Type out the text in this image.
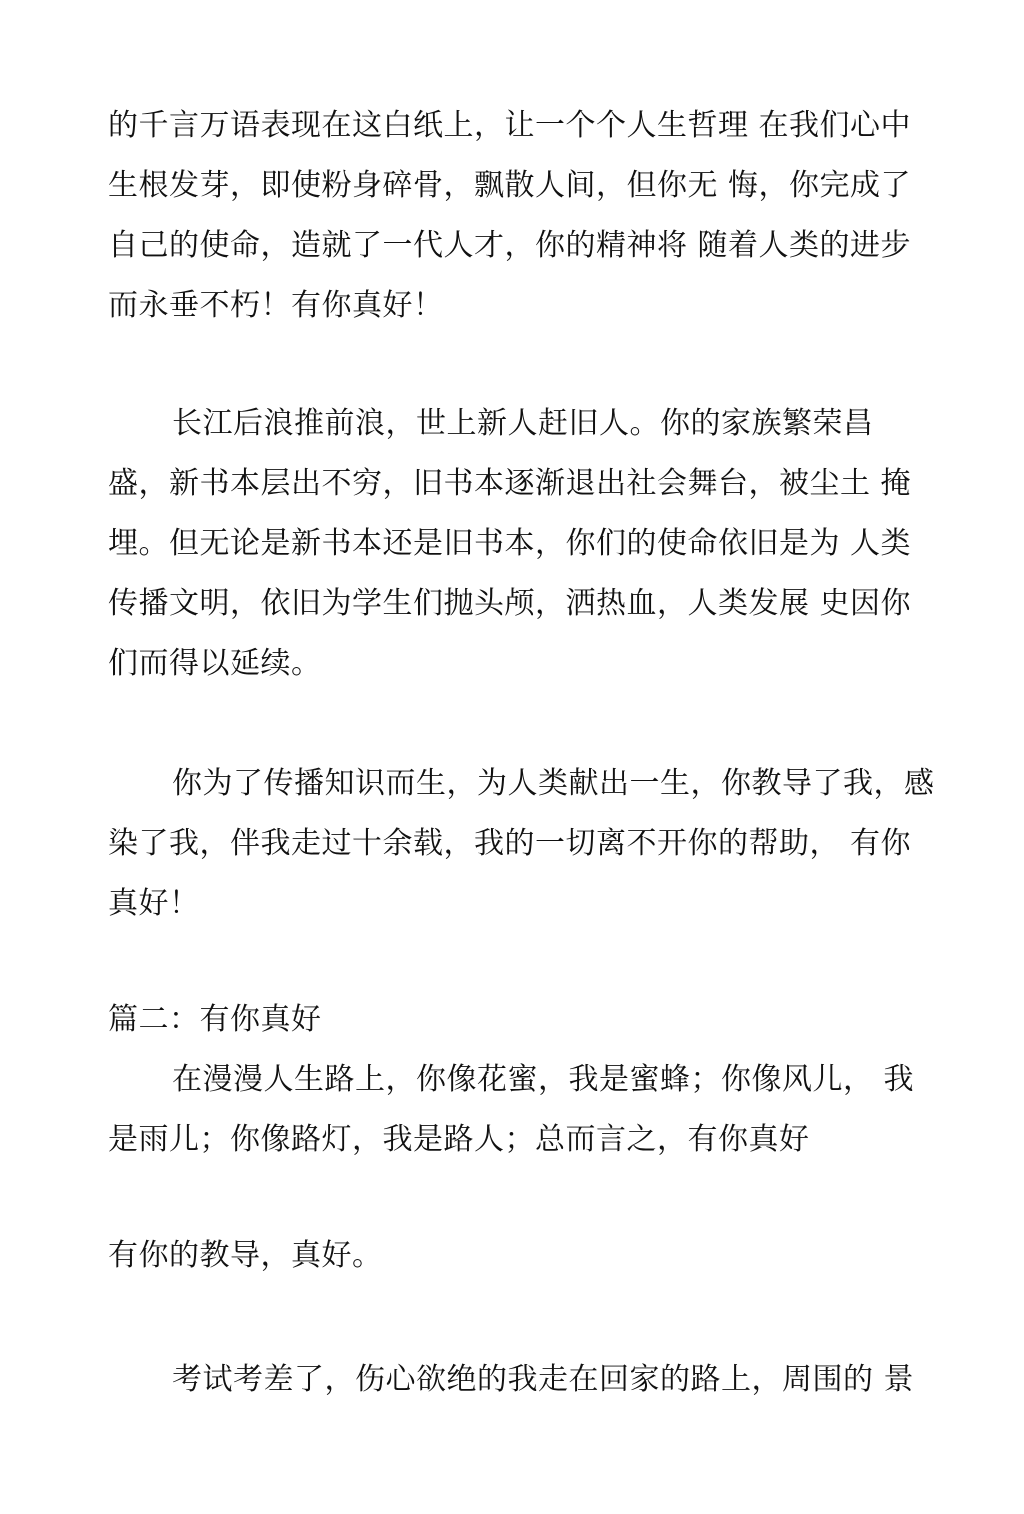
的千言万语表现在这白纸上，让一个个人生哲理 在我们心中
生根发芽，即使粉身碎骨，飘散人间，但你无 悔，你完成了
自己的使命，造就了一代人才，你的精神将 随着人类的进步
而永垂不朽！有你真好！
长江后浪推前浪，世上新人赶旧人。你的家族繁荣昌
盛，新书本层出不穷，旧书本逐渐退出社会舞台，被尘土 掩
埋。但无论是新书本还是旧书本，你们的使命依旧是为 人类
传播文明，依旧为学生们抛头颅，洒热血，人类发展 史因你
们而得以延续。
你为了传播知识而生，为人类献出一生，你教导了我，感
染了我，伴我走过十余载，我的一切离不开你的帮助， 有你
真好！
篇二：有你真好
在漫漫人生路上，你像花蜜，我是蜜蜂；你像风儿， 我
是雨儿；你像路灯，我是路人；总而言之，有你真好
有你的教导，真好。
考试考差了，伤心欲绝的我走在回家的路上，周围的 景
